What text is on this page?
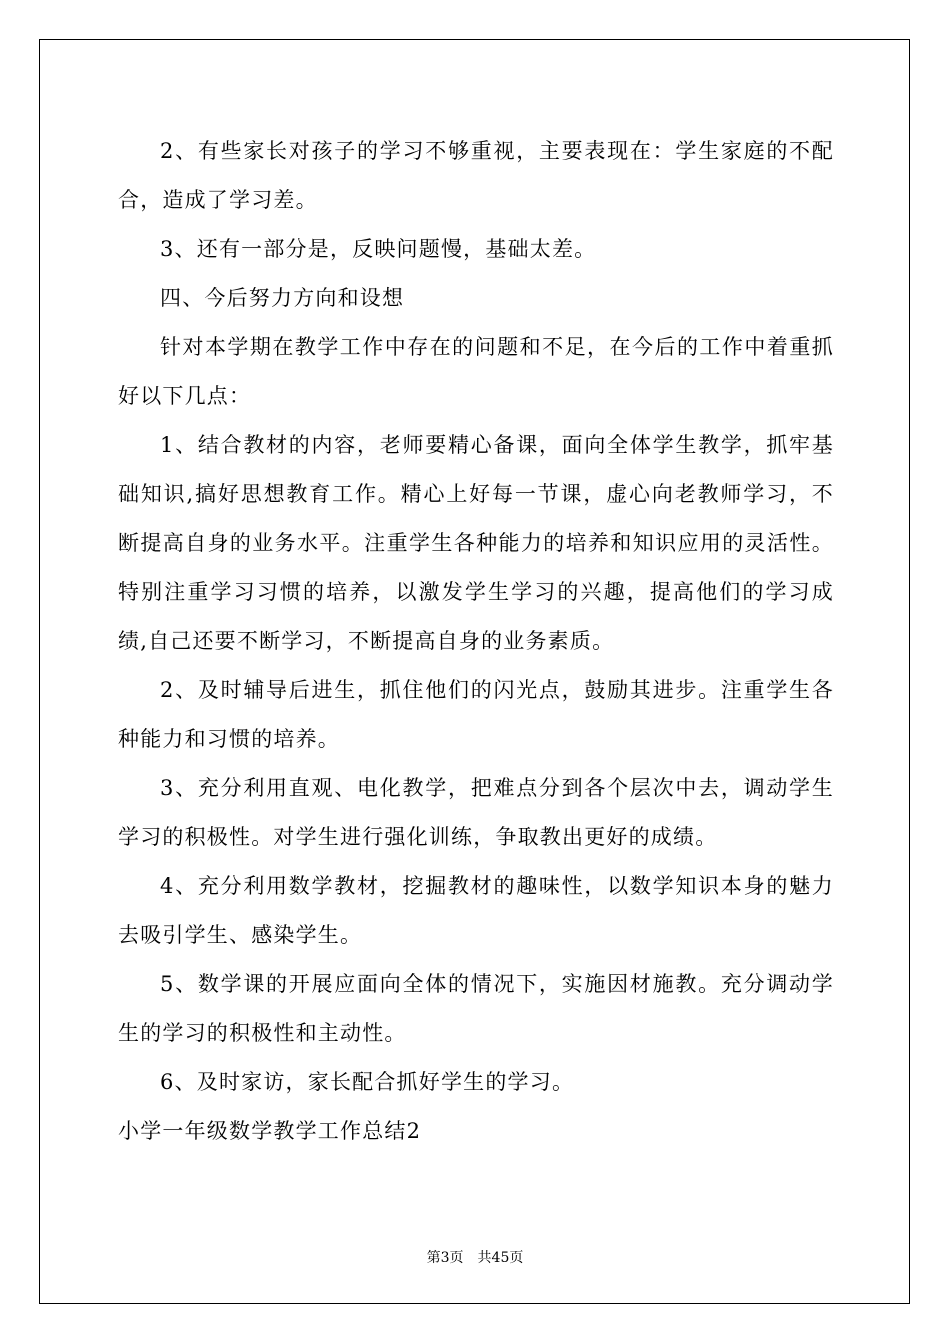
2、有些家长对孩子的学习不够重视，主要表现在：学生家庭的不配合，造成了学习差。

3、还有一部分是，反映问题慢，基础太差。

四、今后努力方向和设想

针对本学期在教学工作中存在的问题和不足，在今后的工作中着重抓好以下几点：

1、结合教材的内容，老师要精心备课，面向全体学生教学，抓牢基础知识,搞好思想教育工作。精心上好每一节课，虚心向老教师学习，不断提高自身的业务水平。注重学生各种能力的培养和知识应用的灵活性。特别注重学习习惯的培养，以激发学生学习的兴趣，提高他们的学习成绩,自己还要不断学习，不断提高自身的业务素质。

2、及时辅导后进生，抓住他们的闪光点，鼓励其进步。注重学生各种能力和习惯的培养。

3、充分利用直观、电化教学，把难点分到各个层次中去，调动学生学习的积极性。对学生进行强化训练，争取教出更好的成绩。

4、充分利用数学教材，挖掘教材的趣味性，以数学知识本身的魅力去吸引学生、感染学生。

5、数学课的开展应面向全体的情况下，实施因材施教。充分调动学生的学习的积极性和主动性。

6、及时家访，家长配合抓好学生的学习。

小学一年级数学教学工作总结2

第3页 共45页
